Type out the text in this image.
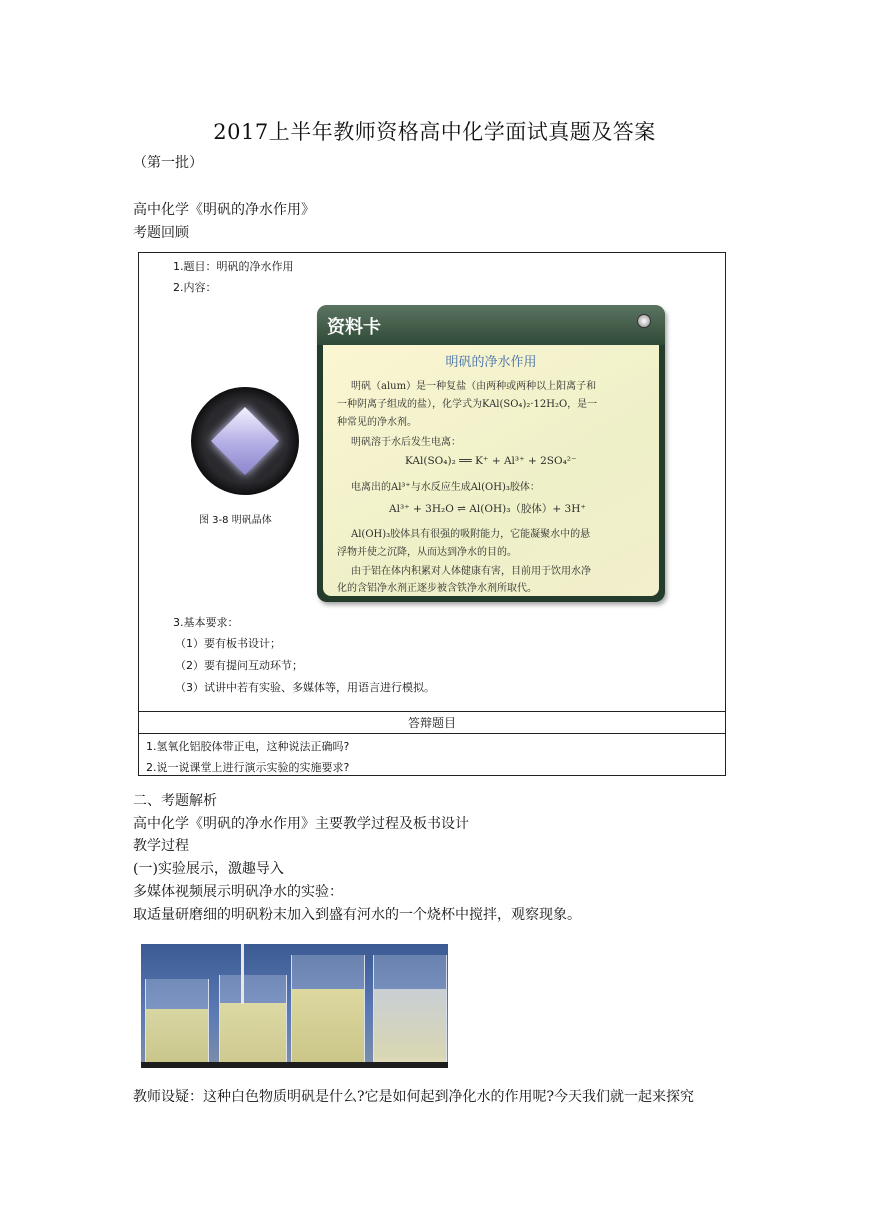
2017上半年教师资格高中化学面试真题及答案
（第一批）
高中化学《明矾的净水作用》
考题回顾
1.题目：明矾的净水作用
2.内容：
图 3-8 明矾晶体
资料卡
明矾的净水作用
明矾（alum）是一种复盐（由两种或两种以上阳离子和
一种阴离子组成的盐），化学式为KAl(SO₄)₂·12H₂O，是一
种常见的净水剂。
明矾溶于水后发生电离：
KAl(SO₄)₂ ══ K⁺ + Al³⁺ + 2SO₄²⁻
电离出的Al³⁺与水反应生成Al(OH)₃胶体：
Al³⁺ + 3H₂O ⇌ Al(OH)₃（胶体）+ 3H⁺
Al(OH)₃胶体具有很强的吸附能力，它能凝聚水中的悬
浮物并使之沉降，从而达到净水的目的。
由于铝在体内积累对人体健康有害，目前用于饮用水净
化的含铝净水剂正逐步被含铁净水剂所取代。
3.基本要求：
（1）要有板书设计；
（2）要有提问互动环节；
（3）试讲中若有实验、多媒体等，用语言进行模拟。
答辩题目
1.氢氧化铝胶体带正电，这种说法正确吗?
2.说一说课堂上进行演示实验的实施要求?
二、考题解析
高中化学《明矾的净水作用》主要教学过程及板书设计
教学过程
(一)实验展示，激趣导入
多媒体视频展示明矾净水的实验：
取适量研磨细的明矾粉末加入到盛有河水的一个烧杯中搅拌，观察现象。
教师设疑：这种白色物质明矾是什么?它是如何起到净化水的作用呢?今天我们就一起来探究
